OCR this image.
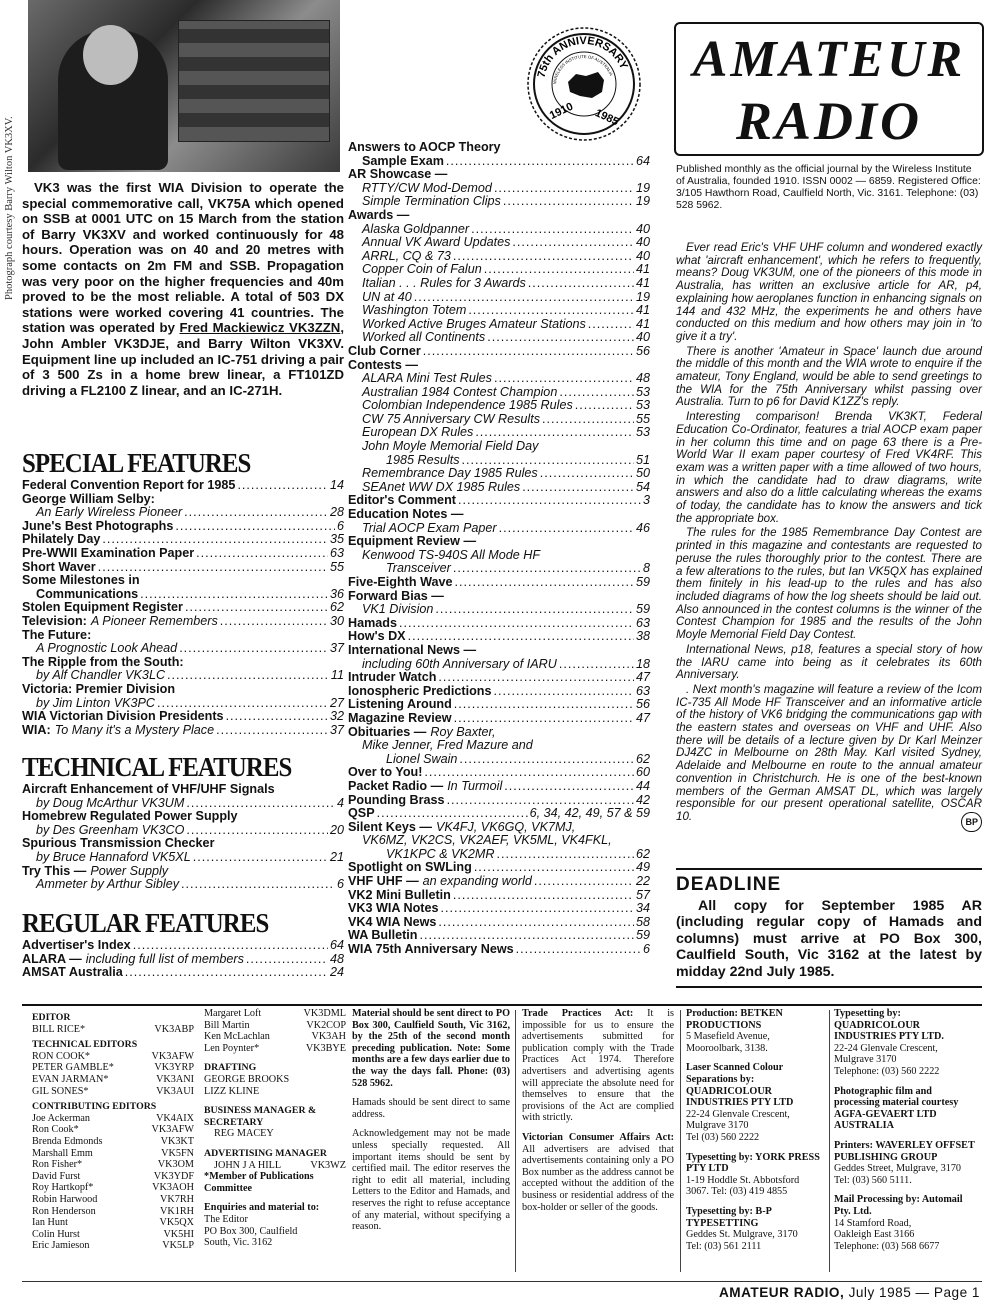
Photograph courtesy Barry Wilton VK3XV.	VK3 was the first WIA Division to operate the special commemorative call, VK75A which opened on SSB at 0001 UTC on 15 March from the station of Barry VK3XV and worked continuously for 48 hours. Operation was on 40 and 20 metres with some contacts on 2m FM and SSB. Propagation was very poor on the higher frequencies and 40m proved to be the most reliable. A total of 503 DX stations were worked covering 41 countries. The station was operated by Fred Mackiewicz VK3ZZN, John Ambler VK3DJE, and Barry Wilton VK3XV. Equipment line up included an IC-751 driving a pair of 3 500 Zs in a home brew linear, a FT101ZD driving a FL2100 Z linear, and an IC-271H.
SPECIAL FEATURES
Federal Convention Report for 1985 .....	14
George William Selby:
An Early Wireless Pioneer .....	28
June's Best Photographs .....	6
Philately Day .....	35
Pre-WWII Examination Paper .....	63
Short Waver .....	55
Some Milestones in
Communications .....	36
Stolen Equipment Register .....	62
Television: A Pioneer Remembers .....	30
The Future:
A Prognostic Look Ahead .....	37
The Ripple from the South:
by Alf Chandler VK3LC .....	11
Victoria: Premier Division
by Jim Linton VK3PC .....	27
WIA Victorian Division Presidents .....	32
WIA: To Many it's a Mystery Place .....	37
TECHNICAL FEATURES
Aircraft Enhancement of VHF/UHF Signals
by Doug McArthur VK3UM .....	4
Homebrew Regulated Power Supply
by Des Greenham VK3CO .....	20
Spurious Transmission Checker
by Bruce Hannaford VK5XL .....	21
Try This — Power Supply
Ammeter by Arthur Sibley .....	6
REGULAR FEATURES
Advertiser's Index .....	64
ALARA — including full list of members .....	48
AMSAT Australia .....	24
Answers to AOCP Theory
Sample Exam .....	64
AR Showcase —
RTTY/CW Mod-Demod .....	19
Simple Termination Clips .....	19
Awards —
Alaska Goldpanner .....	40
Annual VK Award Updates .....	40
ARRL, CQ & 73 .....	40
Copper Coin of Falun .....	41
Italian . . . Rules for 3 Awards .....	41
UN at 40 .....	19
Washington Totem .....	41
Worked Active Bruges Amateur Stations .....	41
Worked all Continents .....	40
Club Corner .....	56
Contests —
ALARA Mini Test Rules .....	48
Australian 1984 Contest Champion .....	53
Colombian Independence 1985 Rules .....	53
CW 75 Anniversary CW Results .....	55
European DX Rules .....	53
John Moyle Memorial Field Day
1985 Results .....	51
Remembrance Day 1985 Rules .....	50
SEAnet WW DX 1985 Rules .....	54
Editor's Comment .....	3
Education Notes —
Trial AOCP Exam Paper .....	46
Equipment Review —
Kenwood TS-940S All Mode HF
Transceiver .....	8
Five-Eighth Wave .....	59
Forward Bias —
VK1 Division .....	59
Hamads .....	63
How's DX .....	38
International News —
including 60th Anniversary of IARU .....	18
Intruder Watch .....	47
Ionospheric Predictions .....	63
Listening Around .....	56
Magazine Review .....	47
Obituaries — Roy Baxter,
Mike Jenner, Fred Mazure and
Lionel Swain .....	62
Over to You! .....	60
Packet Radio — In Turmoil .....	44
Pounding Brass .....	42
QSP .....	6, 34, 42, 49, 57 & 59
Silent Keys — VK4FJ, VK6GQ, VK7MJ,
VK6MZ, VK2CS, VK2AEF, VK5ML, VK4FKL,
VK1KPC & VK2MR .....	62
Spotlight on SWLing .....	49
VHF UHF — an expanding world .....	22
VK2 Mini Bulletin .....	57
VK3 WIA Notes .....	34
VK4 WIA News .....	58
WA Bulletin .....	59
WIA 75th Anniversary News .....	6
75th ANNIVERSARY
WIRELESS INSTITUTE OF AUSTRALIA
1910 1985
AMATEUR
RADIO
Published monthly as the official journal by the Wireless Institute of Australia, founded 1910. ISSN 0002 — 6859. Registered Office: 3/105 Hawthorn Road, Caulfield North, Vic. 3161. Telephone: (03) 528 5962.

Ever read Eric's VHF UHF column and wondered exactly what 'aircraft enhancement', which he refers to frequently, means? Doug VK3UM, one of the pioneers of this mode in Australia, has written an exclusive article for AR, p4, explaining how aeroplanes function in enhancing signals on 144 and 432 MHz, the experiments he and others have conducted on this medium and how others may join in 'to give it a try'.

There is another 'Amateur in Space' launch due around the middle of this month and the WIA wrote to enquire if the amateur, Tony England, would be able to send greetings to the WIA for the 75th Anniversary whilst passing over Australia. Turn to p6 for David K1ZZ's reply.

Interesting comparison! Brenda VK3KT, Federal Education Co-Ordinator, features a trial AOCP exam paper in her column this time and on page 63 there is a Pre-World War II exam paper courtesy of Fred VK4RF. This exam was a written paper with a time allowed of two hours, in which the candidate had to draw diagrams, write answers and also do a little calculating whereas the exams of today, the candidate has to know the answers and tick the appropriate box.

The rules for the 1985 Remembrance Day Contest are printed in this magazine and contestants are requested to peruse the rules thoroughly prior to the contest. There are a few alterations to the rules, but Ian VK5QX has explained them finitely in his lead-up to the rules and has also included diagrams of how the log sheets should be laid out. Also announced in the contest columns is the winner of the Contest Champion for 1985 and the results of the John Moyle Memorial Field Day Contest.

International News, p18, features a special story of how the IARU came into being as it celebrates its 60th Anniversary.

. Next month's magazine will feature a review of the Icom IC-735 All Mode HF Transceiver and an informative article of the history of VK6 bridging the communications gap with the eastern states and overseas on VHF and UHF. Also there will be details of a lecture given by Dr Karl Meinzer DJ4ZC in Melbourne on 28th May. Karl visited Sydney, Adelaide and Melbourne en route to the annual amateur convention in Christchurch. He is one of the best-known members of the German AMSAT DL, which was largely responsible for our present operational satellite, OSCAR 10.	BP
DEADLINE

All copy for September 1985 AR (including regular copy of Hamads and columns) must arrive at PO Box 300, Caulfield South, Vic 3162 at the latest by midday 22nd July 1985.

EDITOR
BILL RICE*	VK3ABP
TECHNICAL EDITORS
RON COOK*	VK3AFW
PETER GAMBLE*	VK3YRP
EVAN JARMAN*	VK3ANI
GIL SONES*	VK3AUI
CONTRIBUTING EDITORS
Joe Ackerman	VK4AIX
Ron Cook*	VK3AFW
Brenda Edmonds	VK3KT
Marshall Emm	VK5FN
Ron Fisher*	VK3OM
David Furst	VK3YDF
Roy Hartkopf*	VK3AOH
Robin Harwood	VK7RH
Ron Henderson	VK1RH
Ian Hunt	VK5QX
Colin Hurst	VK5HI
Eric Jamieson	VK5LP
Margaret Loft	VK3DML
Bill Martin	VK2COP
Ken McLachlan	VK3AH
Len Poynter*	VK3BYE
DRAFTING
GEORGE BROOKS
LIZZ KLINE
BUSINESS MANAGER & SECRETARY
REG MACEY
ADVERTISING MANAGER
JOHN J A HILL	VK3WZ
*Member of Publications Committee
Enquiries and material to:
The Editor
PO Box 300, Caulfield
South, Vic. 3162
Material should be sent direct to PO Box 300, Caulfield South, Vic 3162, by the 25th of the second month preceding publication. Note: Some months are a few days earlier due to the way the days fall. Phone: (03) 528 5962.
Hamads should be sent direct to same address.
Acknowledgement may not be made unless specially requested. All important items should be sent by certified mail. The editor reserves the right to edit all material, including Letters to the Editor and Hamads, and reserves the right to refuse acceptance of any material, without specifying a reason.
Trade Practices Act: It is impossible for us to ensure the advertisements submitted for publication comply with the Trade Practices Act 1974. Therefore advertisers and advertising agents will appreciate the absolute need for themselves to ensure that the provisions of the Act are complied with strictly.
Victorian Consumer Affairs Act: All advertisers are advised that advertisements containing only a PO Box number as the address cannot be accepted without the addition of the business or residential address of the box-holder or seller of the goods.
Production: BETKEN PRODUCTIONS
5 Masefield Avenue,
Mooroolbark, 3138.
Laser Scanned Colour Separations by: QUADRICOLOUR INDUSTRIES PTY LTD
22-24 Glenvale Crescent,
Mulgrave 3170
Tel (03) 560 2222
Typesetting by: YORK PRESS PTY LTD
1-19 Hoddle St. Abbotsford
3067. Tel: (03) 419 4855
Typesetting by: B-P TYPESETTING
Geddes St. Mulgrave, 3170
Tel: (03) 561 2111
Typesetting by: QUADRICOLOUR INDUSTRIES PTY LTD.
22-24 Glenvale Crescent,
Mulgrave 3170
Telephone: (03) 560 2222
Photographic film and processing material courtesy AGFA-GEVAERT LTD AUSTRALIA
Printers: WAVERLEY OFFSET PUBLISHING GROUP
Geddes Street, Mulgrave, 3170
Tel: (03) 560 5111.
Mail Processing by: Automail Pty. Ltd.
14 Stamford Road,
Oakleigh East 3166
Telephone: (03) 568 6677
AMATEUR RADIO, July 1985 — Page 1
